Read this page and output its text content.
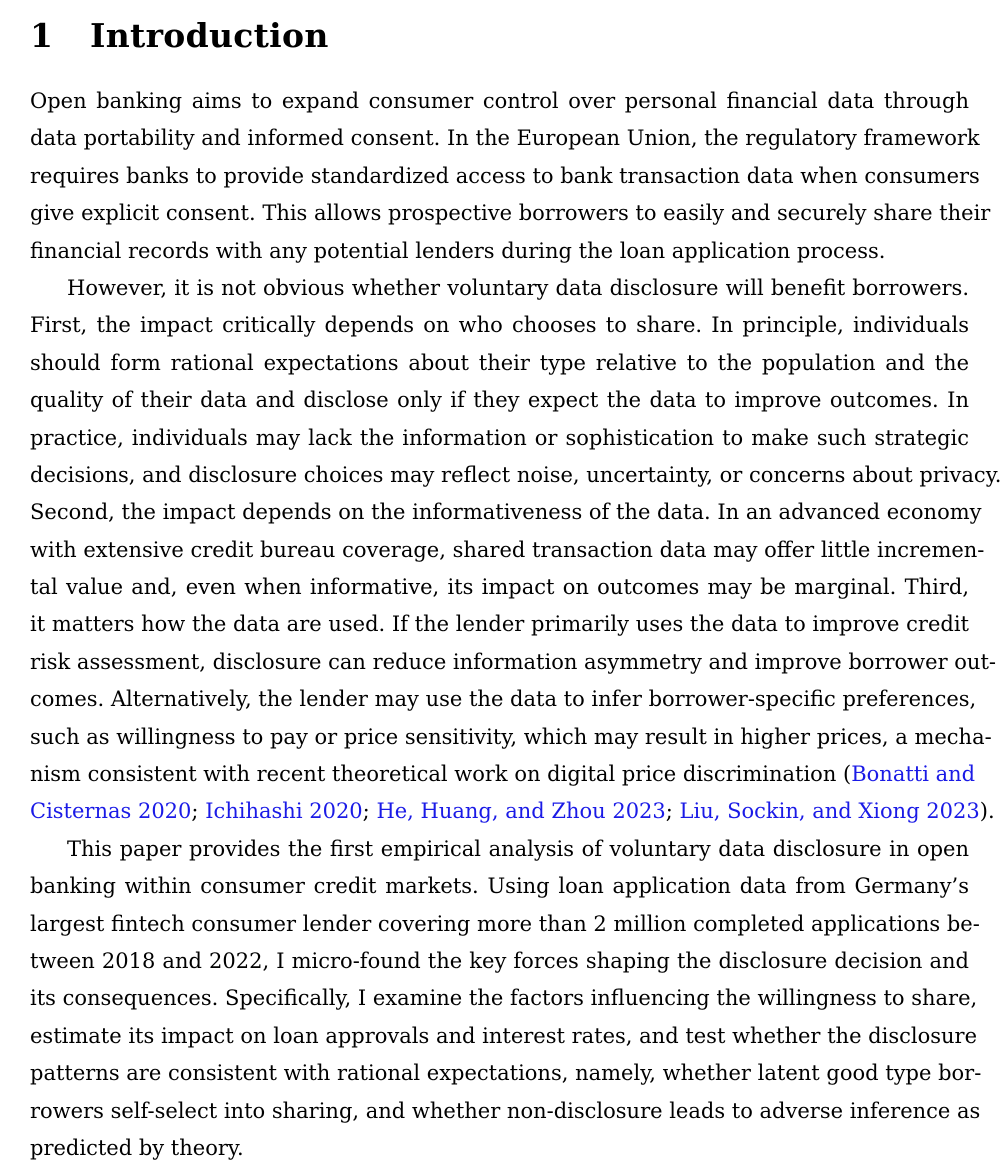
1 Introduction
Open banking aims to expand consumer control over personal financial data through
data portability and informed consent. In the European Union, the regulatory framework
requires banks to provide standardized access to bank transaction data when consumers
give explicit consent. This allows prospective borrowers to easily and securely share their
financial records with any potential lenders during the loan application process.
However, it is not obvious whether voluntary data disclosure will benefit borrowers.
First, the impact critically depends on who chooses to share. In principle, individuals
should form rational expectations about their type relative to the population and the
quality of their data and disclose only if they expect the data to improve outcomes. In
practice, individuals may lack the information or sophistication to make such strategic
decisions, and disclosure choices may reflect noise, uncertainty, or concerns about privacy.
Second, the impact depends on the informativeness of the data. In an advanced economy
with extensive credit bureau coverage, shared transaction data may offer little incremen-
tal value and, even when informative, its impact on outcomes may be marginal. Third,
it matters how the data are used. If the lender primarily uses the data to improve credit
risk assessment, disclosure can reduce information asymmetry and improve borrower out-
comes. Alternatively, the lender may use the data to infer borrower-specific preferences,
such as willingness to pay or price sensitivity, which may result in higher prices, a mecha-
nism consistent with recent theoretical work on digital price discrimination (Bonatti and
Cisternas 2020; Ichihashi 2020; He, Huang, and Zhou 2023; Liu, Sockin, and Xiong 2023).
This paper provides the first empirical analysis of voluntary data disclosure in open
banking within consumer credit markets. Using loan application data from Germany’s
largest fintech consumer lender covering more than 2 million completed applications be-
tween 2018 and 2022, I micro-found the key forces shaping the disclosure decision and
its consequences. Specifically, I examine the factors influencing the willingness to share,
estimate its impact on loan approvals and interest rates, and test whether the disclosure
patterns are consistent with rational expectations, namely, whether latent good type bor-
rowers self-select into sharing, and whether non-disclosure leads to adverse inference as
predicted by theory.
